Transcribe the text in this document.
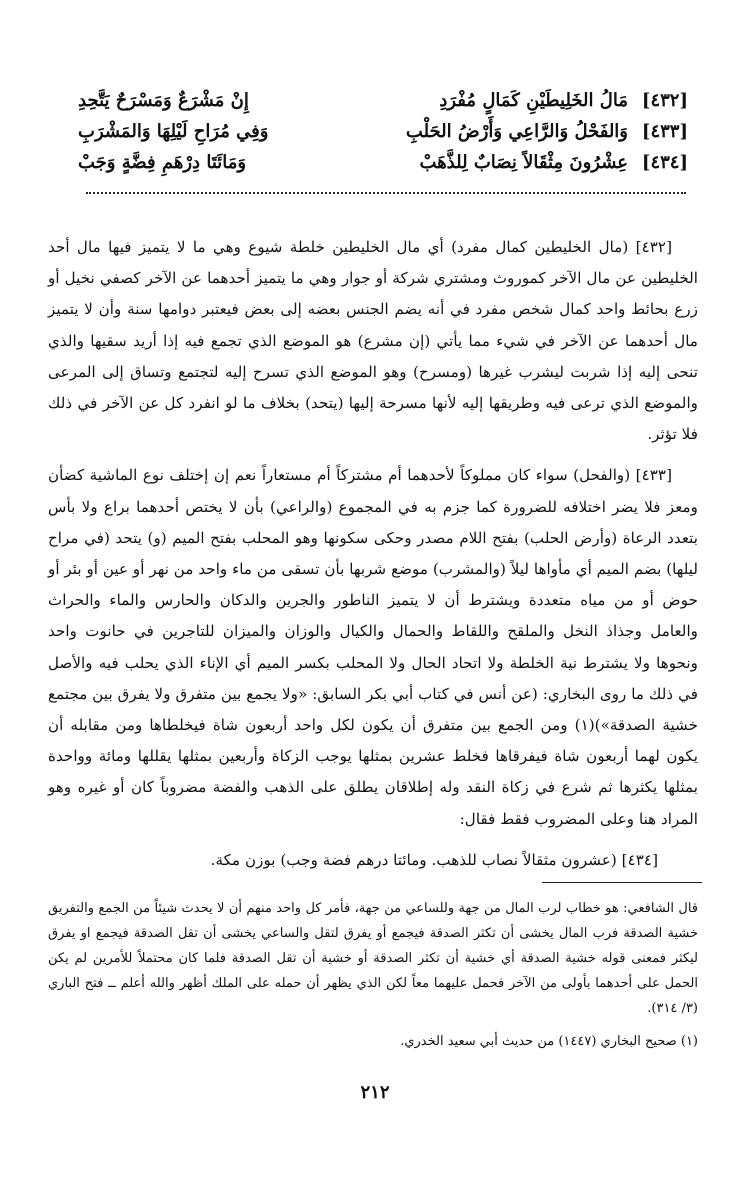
[٤٣٢]
مَالُ الخَلِيطَيْنِ كَمَالٍ مُفْرَدِ
إِنْ مَشْرَعٌ وَمَسْرَحٌ يَتَّحِدِ
[٤٣٣]
وَالفَحْلُ وَالرَّاعِي وَأَرْضُ الحَلْبِ
وَفِي مُرَاحِ لَيْلِهَا وَالمَشْرَبِ
[٤٣٤]
عِشْرُونَ مِثْقَالاً نِصَابٌ لِلذَّهَبْ
وَمَائَتَا دِرْهَمِ فِضَّةٍ وَجَبْ

[٤٣٢] (مال الخليطين كمال مفرد) أي مال الخليطين خلطة شيوع وهي ما لا يتميز فيها مال أحد الخليطين عن مال الآخر كموروث ومشتري شركة أو جوار وهي ما يتميز أحدهما عن الآخر كصفي نخيل أو زرع بحائط واحد كمال شخص مفرد في أنه يضم الجنس بعضه إلى بعض فيعتبر دوامها سنة وأن لا يتميز مال أحدهما عن الآخر في شيء مما يأتي (إن مشرع) هو الموضع الذي تجمع فيه إذا أريد سقيها والذي تنحى إليه إذا شربت ليشرب غيرها (ومسرح) وهو الموضع الذي تسرح إليه لتجتمع وتساق إلى المرعى والموضع الذي ترعى فيه وطريقها إليه لأنها مسرحة إليها (يتحد) بخلاف ما لو انفرد كل عن الآخر في ذلك فلا تؤثر.

[٤٣٣] (والفحل) سواء كان مملوكاً لأحدهما أم مشتركاً أم مستعاراً نعم إن إختلف نوع الماشية كضأن ومعز فلا يضر اختلافه للضرورة كما جزم به في المجموع (والراعي) بأن لا يختص أحدهما براع ولا بأس بتعدد الرعاة (وأرض الحلب) بفتح اللام مصدر وحكى سكونها وهو المحلب بفتح الميم (و) يتحد (في مراح ليلها) بضم الميم أي مأواها ليلاً (والمشرب) موضع شربها بأن تسقى من ماء واحد من نهر أو عين أو بئر أو حوض أو من مياه متعددة ويشترط أن لا يتميز الناطور والجرين والدكان والحارس والماء والحراث والعامل وجذاذ النخل والملقح واللقاط والحمال والكيال والوزان والميزان للتاجرين في حانوت واحد ونحوها ولا يشترط نية الخلطة ولا اتحاد الحال ولا المحلب بكسر الميم أي الإناء الذي يحلب فيه والأصل في ذلك ما روى البخاري: (عن أنس في كتاب أبي بكر السابق: «ولا يجمع بين متفرق ولا يفرق بين مجتمع خشية الصدقة»)(١) ومن الجمع بين متفرق أن يكون لكل واحد أربعون شاة فيخلطاها ومن مقابله أن يكون لهما أربعون شاة فيفرقاها فخلط عشرين بمثلها يوجب الزكاة وأربعين بمثلها يقللها ومائة وواحدة بمثلها يكثرها ثم شرع في زكاة النقد وله إطلاقان يطلق على الذهب والفضة مضروباً كان أو غيره وهو المراد هنا وعلى المضروب فقط فقال:

[٤٣٤] (عشرون مثقالاً نصاب للذهب. ومائتا درهم فضة وجب) بوزن مكة.

قال الشافعي: هو خطاب لرب المال من جهة وللساعي من جهة، فأمر كل واحد منهم أن لا يحدث شيئاً من الجمع والتفريق خشية الصدقة فرب المال يخشى أن تكثر الصدقة فيجمع أو يفرق لتقل والساعي يخشى أن تقل الصدقة فيجمع او يفرق ليكثر فمعنى قوله خشية الصدقة أي خشية أن تكثر الصدقة أو خشية أن تقل الصدقة فلما كان محتملاً للأمرين لم يكن الحمل على أحدهما بأولى من الآخر فحمل عليهما معاً لكن الذي يظهر أن حمله على الملك أظهر والله أعلم ــ فتح الباري (٣/ ٣١٤).

(١) صحيح البخاري (١٤٤٧) من حديث أبي سعيد الخدري.

٢١٢
